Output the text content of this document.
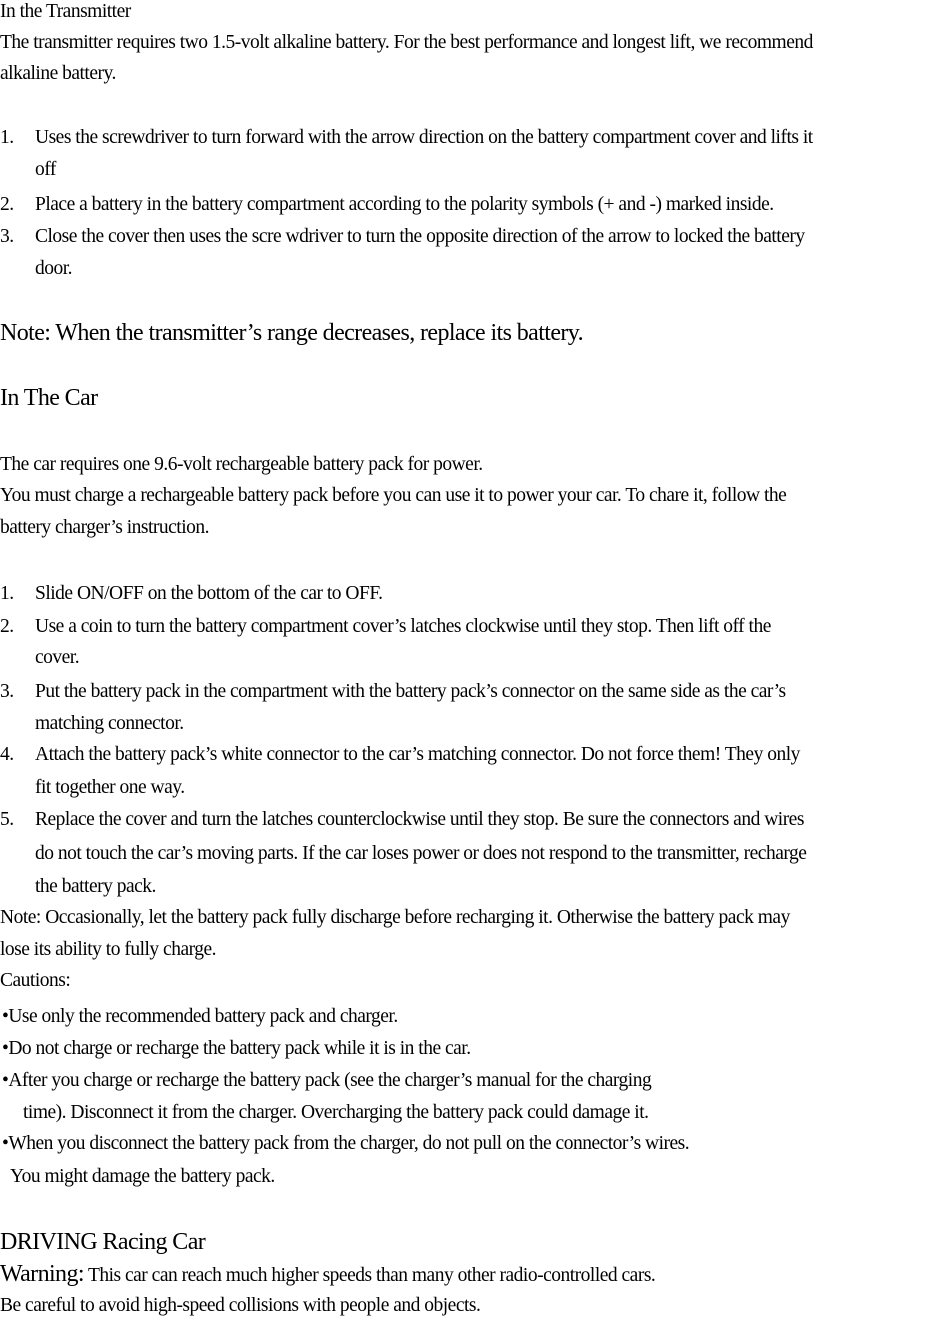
In the Transmitter
The transmitter requires two 1.5-volt alkaline battery. For the best performance and longest lift, we recommend
alkaline battery.
1. Uses the screwdriver to turn forward with the arrow direction on the battery compartment cover and lifts it
off
2. Place a battery in the battery compartment according to the polarity symbols (+ and -) marked inside.
3. Close the cover then uses the scre wdriver to turn the opposite direction of the arrow to locked the battery
door.
Note: When the transmitter’s range decreases, replace its battery.
In The Car
The car requires one 9.6-volt rechargeable battery pack for power.
You must charge a rechargeable battery pack before you can use it to power your car. To chare it, follow the
battery charger’s instruction.
1. Slide ON/OFF on the bottom of the car to OFF.
2. Use a coin to turn the battery compartment cover’s latches clockwise until they stop. Then lift off the
cover.
3. Put the battery pack in the compartment with the battery pack’s connector on the same side as the car’s
matching connector.
4. Attach the battery pack’s white connector to the car’s matching connector. Do not force them! They only
fit together one way.
5. Replace the cover and turn the latches counterclockwise until they stop. Be sure the connectors and wires
do not touch the car’s moving parts. If the car loses power or does not respond to the transmitter, recharge
the battery pack.
Note: Occasionally, let the battery pack fully discharge before recharging it. Otherwise the battery pack may
lose its ability to fully charge.
Cautions:
•Use only the recommended battery pack and charger.
•Do not charge or recharge the battery pack while it is in the car.
•After you charge or recharge the battery pack (see the charger’s manual for the charging
time). Disconnect it from the charger. Overcharging the battery pack could damage it.
•When you disconnect the battery pack from the charger, do not pull on the connector’s wires.
You might damage the battery pack.
DRIVING Racing Car
Warning: This car can reach much higher speeds than many other radio-controlled cars.
Be careful to avoid high-speed collisions with people and objects.
